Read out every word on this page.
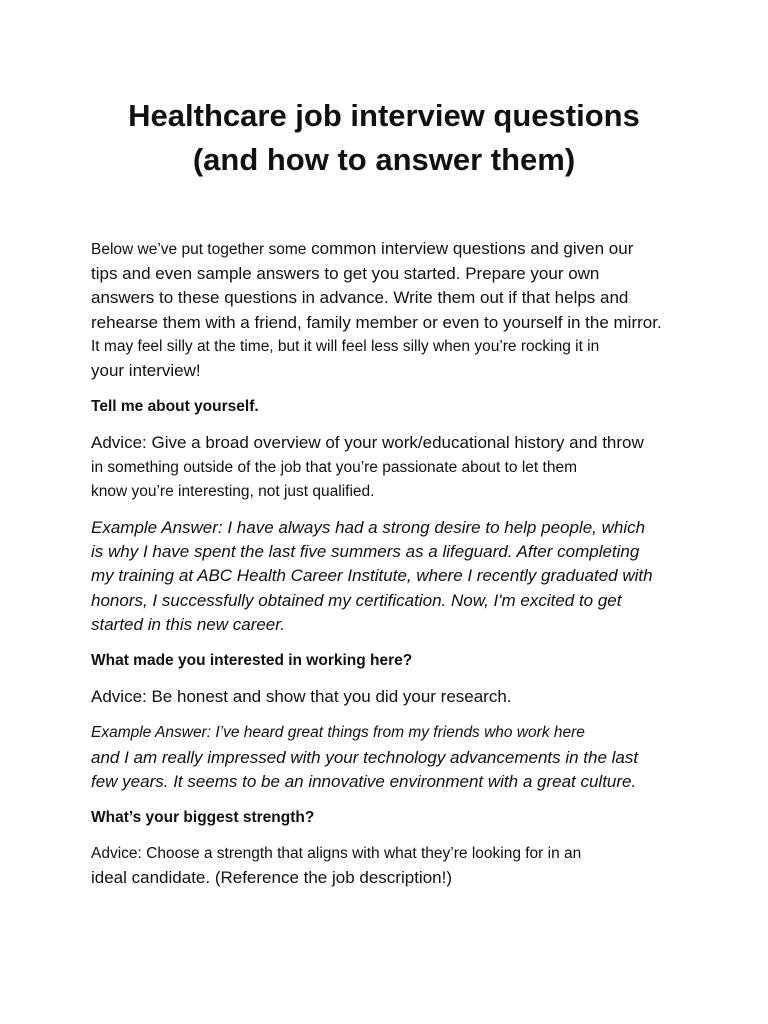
Healthcare job interview questions
(and how to answer them)
Below we’ve put together some common interview questions and given our
tips and even sample answers to get you started. Prepare your own
answers to these questions in advance. Write them out if that helps and
rehearse them with a friend, family member or even to yourself in the mirror.
It may feel silly at the time, but it will feel less silly when you’re rocking it in
your interview!
Tell me about yourself.
Advice: Give a broad overview of your work/educational history and throw
in something outside of the job that you’re passionate about to let them
know you’re interesting, not just qualified.
Example Answer: I have always had a strong desire to help people, which
is why I have spent the last five summers as a lifeguard. After completing
my training at ABC Health Career Institute, where I recently graduated with
honors, I successfully obtained my certification. Now, I'm excited to get
started in this new career.
What made you interested in working here?
Advice: Be honest and show that you did your research.
Example Answer: I’ve heard great things from my friends who work here
and I am really impressed with your technology advancements in the last
few years. It seems to be an innovative environment with a great culture.
What’s your biggest strength?
Advice: Choose a strength that aligns with what they’re looking for in an
ideal candidate. (Reference the job description!)
